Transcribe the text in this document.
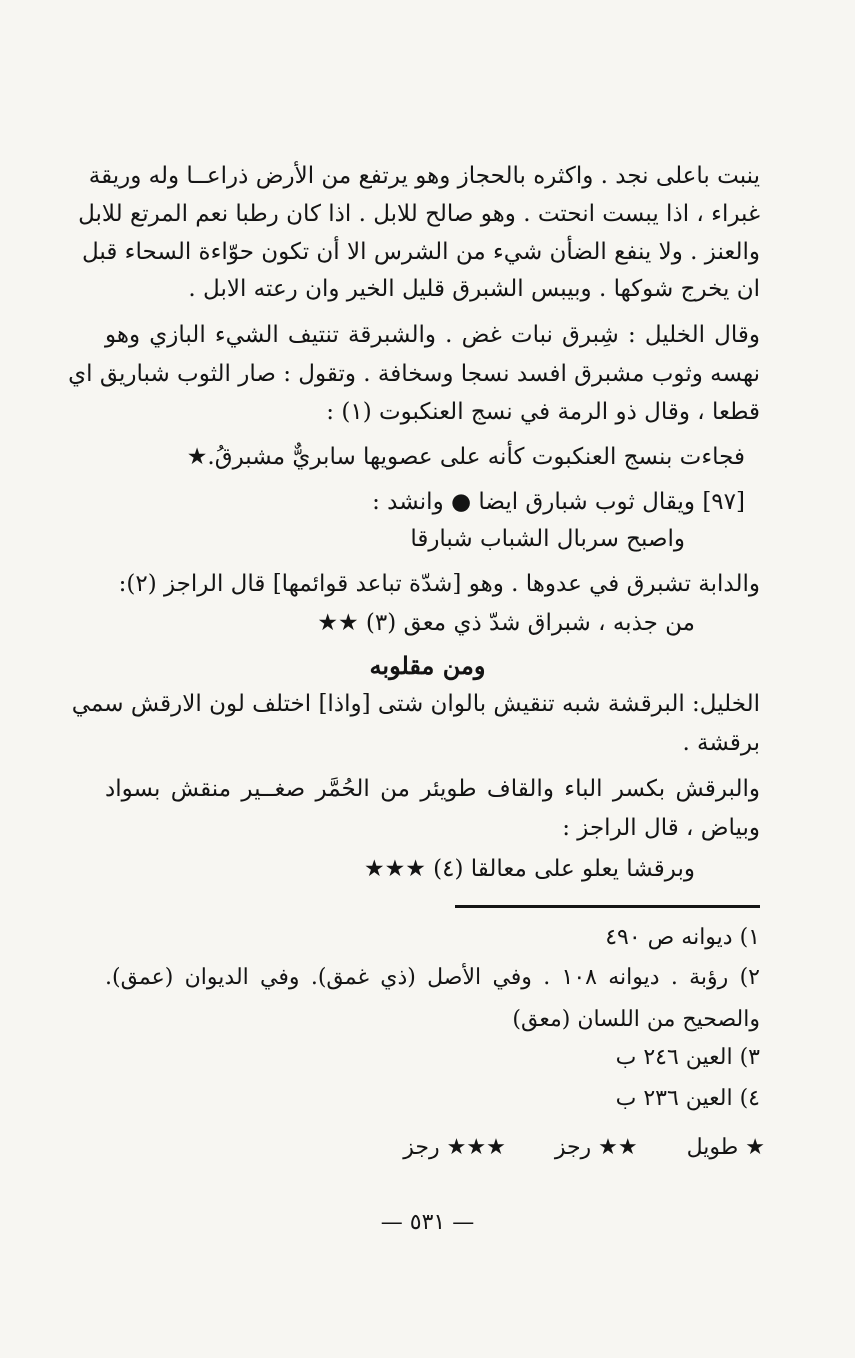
ينبت باعلى نجد . واكثره بالحجاز وهو يرتفع من الأرض ذراعــا وله وريقة
غبراء ، اذا يبست انحتت . وهو صالح للابل . اذا كان رطبا نعم المرتع للابل
والعنز . ولا ينفع الضأن شيء من الشرس الا أن تكون حوّاءة السحاء قبل
ان يخرج شوكها . وبيبس الشبرق قليل الخير وان رعته الابل .
وقال الخليل : شِبرق نبات غض . والشبرقة تنتيف الشيء البازي وهو
نهسه وثوب مشبرق افسد نسجا وسخافة . وتقول : صار الثوب شباريق اي
قطعا ، وقال ذو الرمة في نسج العنكبوت (١) :
فجاءت بنسج العنكبوت كأنه على عصويها سابريٌّ مشبرقُ.★
[٩٧] ويقال ثوب شبارق ايضا ● وانشد :
واصبح سربال الشباب شبارقا
والدابة تشبرق في عدوها . وهو [شدّة تباعد قوائمها] قال الراجز (٢):
من جذبه ، شبراق شدّ ذي معق (٣) ★★
ومن مقلوبه
الخليل: البرقشة شبه تنقيش بالوان شتى [واذا] اختلف لون الارقش سمي
برقشة .
والبرقش بكسر الباء والقاف طويئر من الحُمَّر صغــير منقش بسواد
وبياض ، قال الراجز :
وبرقشا يعلو على معالقا (٤) ★★★
١) ديوانه ص ٤٩٠
٢) رؤبة . ديوانه ١٠٨ . وفي الأصل (ذي غمق). وفي الديوان (عمق).
والصحيح من اللسان (معق)
٣) العين ٢٤٦ ب
٤) العين ٢٣٦ ب
★ طويل ★★ رجز ★★★ رجز
— ٥٣١ —
